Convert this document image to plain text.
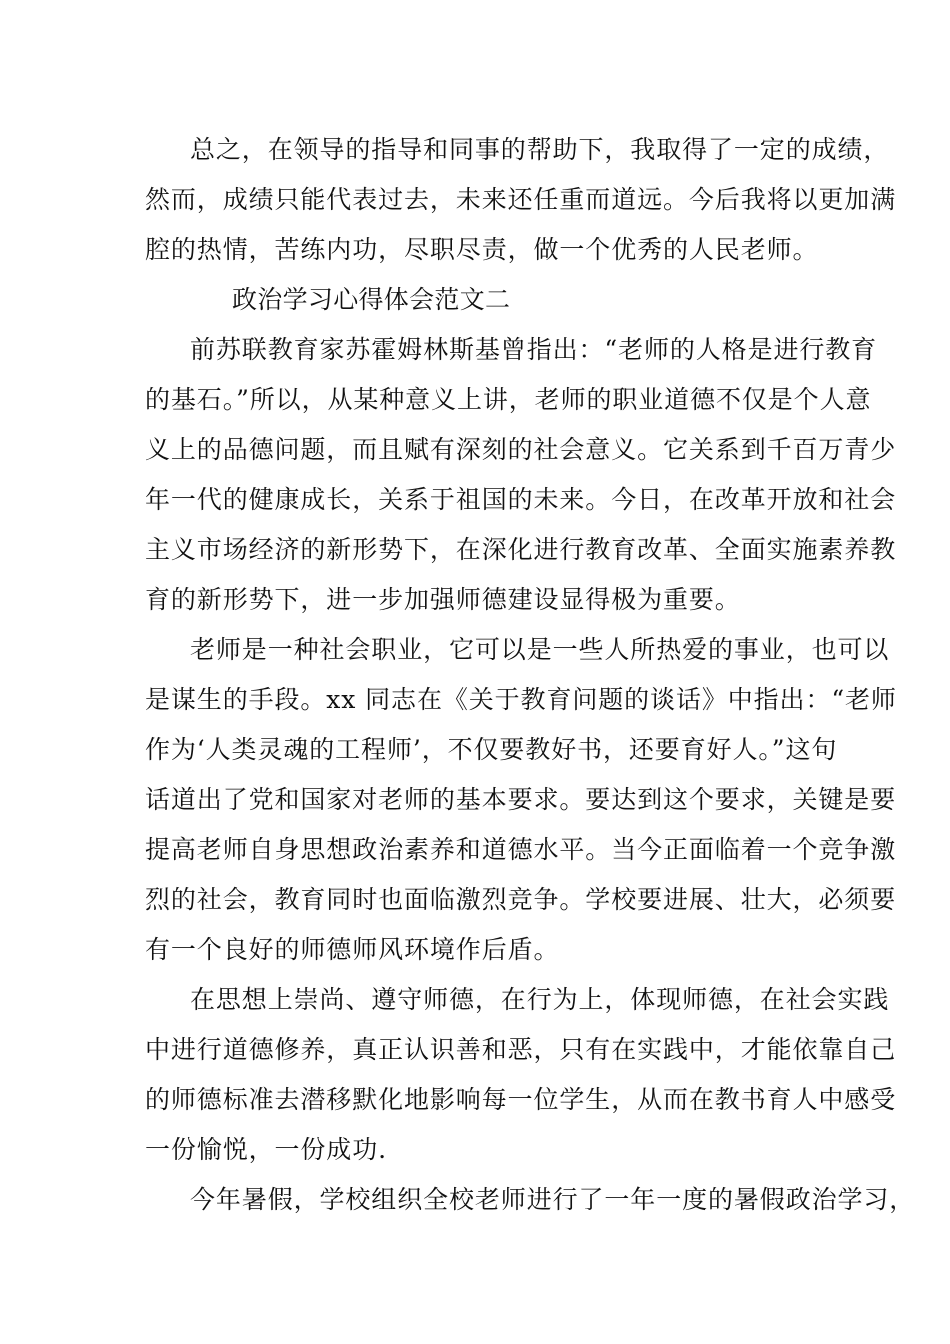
总之，在领导的指导和同事的帮助下，我取得了一定的成绩，
然而，成绩只能代表过去，未来还任重而道远。今后我将以更加满
腔的热情，苦练内功，尽职尽责，做一个优秀的人民老师。
政治学习心得体会范文二
前苏联教育家苏霍姆林斯基曾指出：“老师的人格是进行教育
的基石。”所以，从某种意义上讲，老师的职业道德不仅是个人意
义上的品德问题，而且赋有深刻的社会意义。它关系到千百万青少
年一代的健康成长，关系于祖国的未来。今日，在改革开放和社会
主义市场经济的新形势下，在深化进行教育改革、全面实施素养教
育的新形势下，进一步加强师德建设显得极为重要。
老师是一种社会职业，它可以是一些人所热爱的事业，也可以
是谋生的手段。xx 同志在《关于教育问题的谈话》中指出：“老师
作为‘人类灵魂的工程师’，不仅要教好书，还要育好人。”这句
话道出了党和国家对老师的基本要求。要达到这个要求，关键是要
提高老师自身思想政治素养和道德水平。当今正面临着一个竞争激
烈的社会，教育同时也面临激烈竞争。学校要进展、壮大，必须要
有一个良好的师德师风环境作后盾。
在思想上崇尚、遵守师德，在行为上，体现师德，在社会实践
中进行道德修养，真正认识善和恶，只有在实践中，才能依靠自己
的师德标准去潜移默化地影响每一位学生，从而在教书育人中感受
一份愉悦，一份成功.
今年暑假，学校组织全校老师进行了一年一度的暑假政治学习，
